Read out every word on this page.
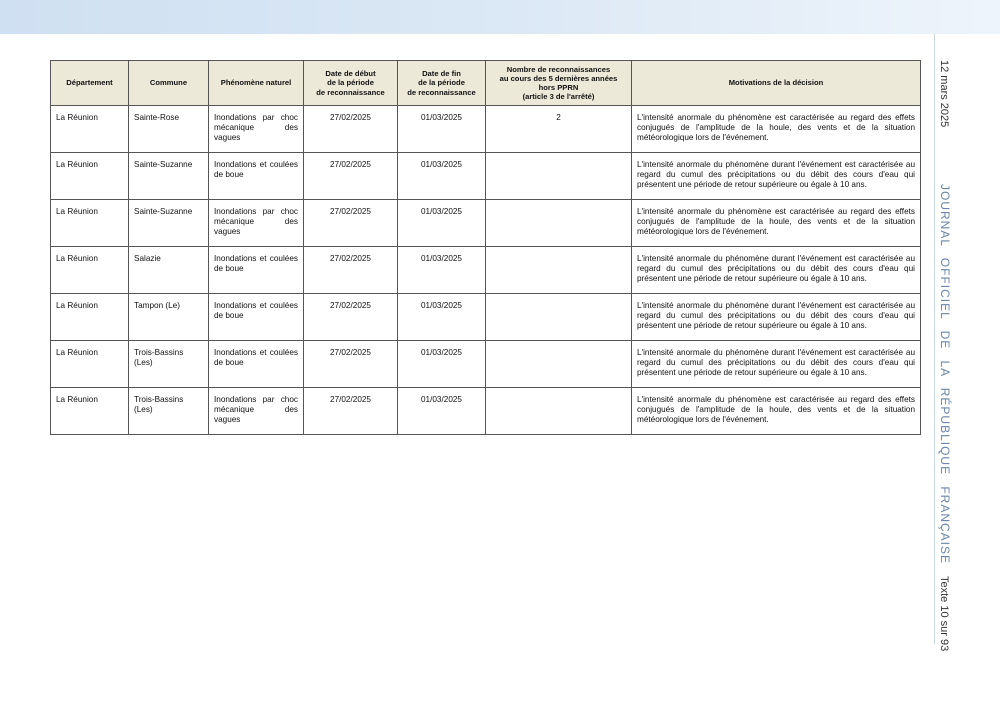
12 mars 2025
JOURNAL OFFICIEL DE LA RÉPUBLIQUE FRANÇAISE
Texte 10 sur 93
Département	Commune	Phénomène naturel	Date de début
de la période
de reconnaissance	Date de fin
de la période
de reconnaissance	Nombre de reconnaissances
au cours des 5 dernières années
hors PPRN
(article 3 de l'arrêté)	Motivations de la décision
La Réunion	Sainte-Rose	Inondations par choc mécanique des vagues	27/02/2025	01/03/2025	2	L'intensité anormale du phénomène est caractérisée au regard des effets conjugués de l'amplitude de la houle, des vents et de la situation météorologique lors de l'événement.
La Réunion	Sainte-Suzanne	Inondations et coulées de boue	27/02/2025	01/03/2025		L'intensité anormale du phénomène durant l'événement est caractérisée au regard du cumul des précipitations ou du débit des cours d'eau qui présentent une période de retour supérieure ou égale à 10 ans.
La Réunion	Sainte-Suzanne	Inondations par choc mécanique des vagues	27/02/2025	01/03/2025		L'intensité anormale du phénomène est caractérisée au regard des effets conjugués de l'amplitude de la houle, des vents et de la situation météorologique lors de l'événement.
La Réunion	Salazie	Inondations et coulées de boue	27/02/2025	01/03/2025		L'intensité anormale du phénomène durant l'événement est caractérisée au regard du cumul des précipitations ou du débit des cours d'eau qui présentent une période de retour supérieure ou égale à 10 ans.
La Réunion	Tampon (Le)	Inondations et coulées de boue	27/02/2025	01/03/2025		L'intensité anormale du phénomène durant l'événement est caractérisée au regard du cumul des précipitations ou du débit des cours d'eau qui présentent une période de retour supérieure ou égale à 10 ans.
La Réunion	Trois-Bassins (Les)	Inondations et coulées de boue	27/02/2025	01/03/2025		L'intensité anormale du phénomène durant l'événement est caractérisée au regard du cumul des précipitations ou du débit des cours d'eau qui présentent une période de retour supérieure ou égale à 10 ans.
La Réunion	Trois-Bassins (Les)	Inondations par choc mécanique des vagues	27/02/2025	01/03/2025		L'intensité anormale du phénomène est caractérisée au regard des effets conjugués de l'amplitude de la houle, des vents et de la situation météorologique lors de l'événement.
